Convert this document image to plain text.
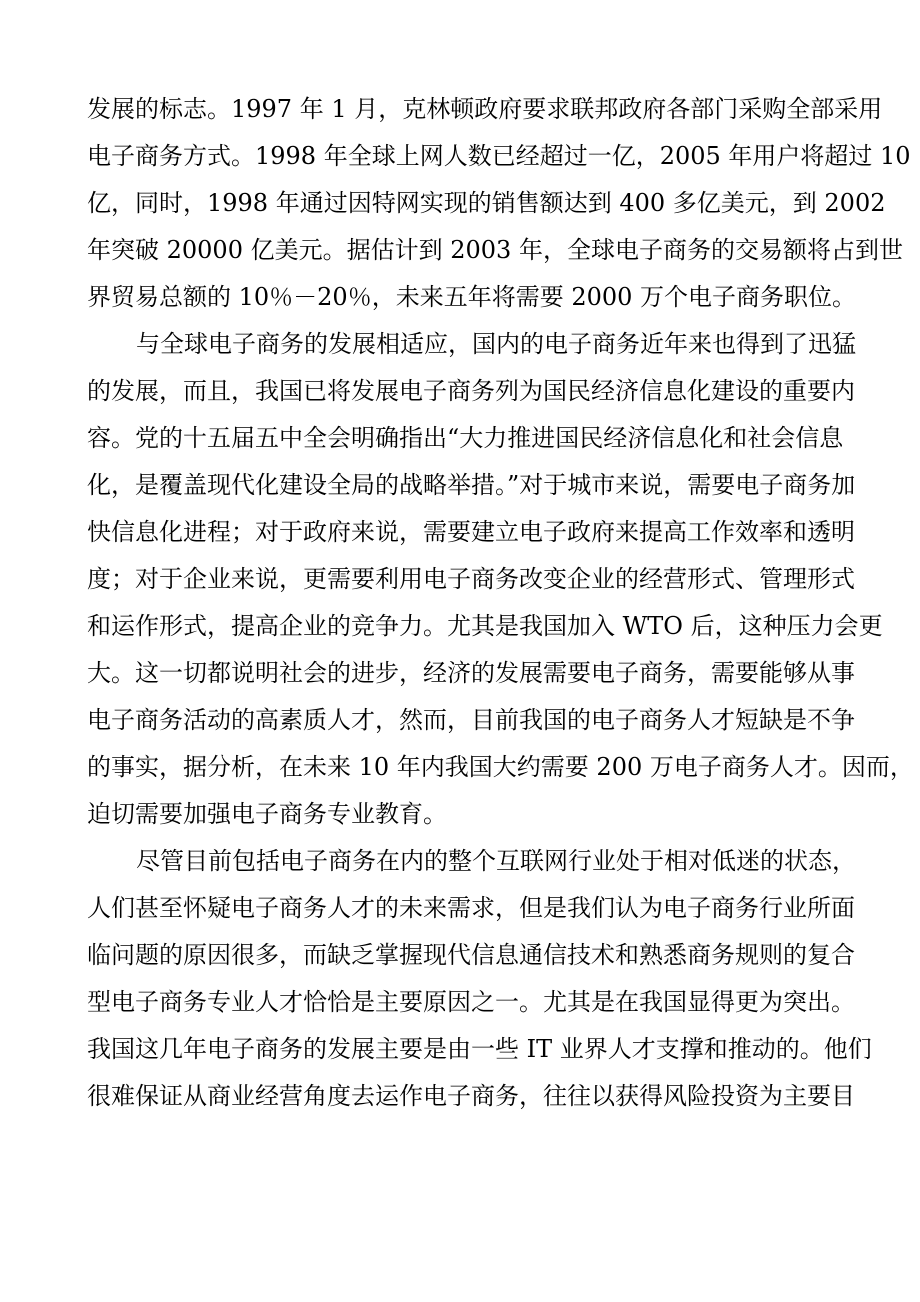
发展的标志。1997 年 1 月，克林顿政府要求联邦政府各部门采购全部采用
电子商务方式。1998 年全球上网人数已经超过一亿，2005 年用户将超过 10
亿，同时，1998 年通过因特网实现的销售额达到 400 多亿美元，到 2002
年突破 20000 亿美元。据估计到 2003 年，全球电子商务的交易额将占到世
界贸易总额的 10％－20％，未来五年将需要 2000 万个电子商务职位。
与全球电子商务的发展相适应，国内的电子商务近年来也得到了迅猛
的发展，而且，我国已将发展电子商务列为国民经济信息化建设的重要内
容。党的十五届五中全会明确指出“大力推进国民经济信息化和社会信息
化，是覆盖现代化建设全局的战略举措。”对于城市来说，需要电子商务加
快信息化进程；对于政府来说，需要建立电子政府来提高工作效率和透明
度；对于企业来说，更需要利用电子商务改变企业的经营形式、管理形式
和运作形式，提高企业的竞争力。尤其是我国加入 WTO 后，这种压力会更
大。这一切都说明社会的进步，经济的发展需要电子商务，需要能够从事
电子商务活动的高素质人才，然而，目前我国的电子商务人才短缺是不争
的事实，据分析，在未来 10 年内我国大约需要 200 万电子商务人才。因而，
迫切需要加强电子商务专业教育。
尽管目前包括电子商务在内的整个互联网行业处于相对低迷的状态，
人们甚至怀疑电子商务人才的未来需求，但是我们认为电子商务行业所面
临问题的原因很多，而缺乏掌握现代信息通信技术和熟悉商务规则的复合
型电子商务专业人才恰恰是主要原因之一。尤其是在我国显得更为突出。
我国这几年电子商务的发展主要是由一些 IT 业界人才支撑和推动的。他们
很难保证从商业经营角度去运作电子商务，往往以获得风险投资为主要目
